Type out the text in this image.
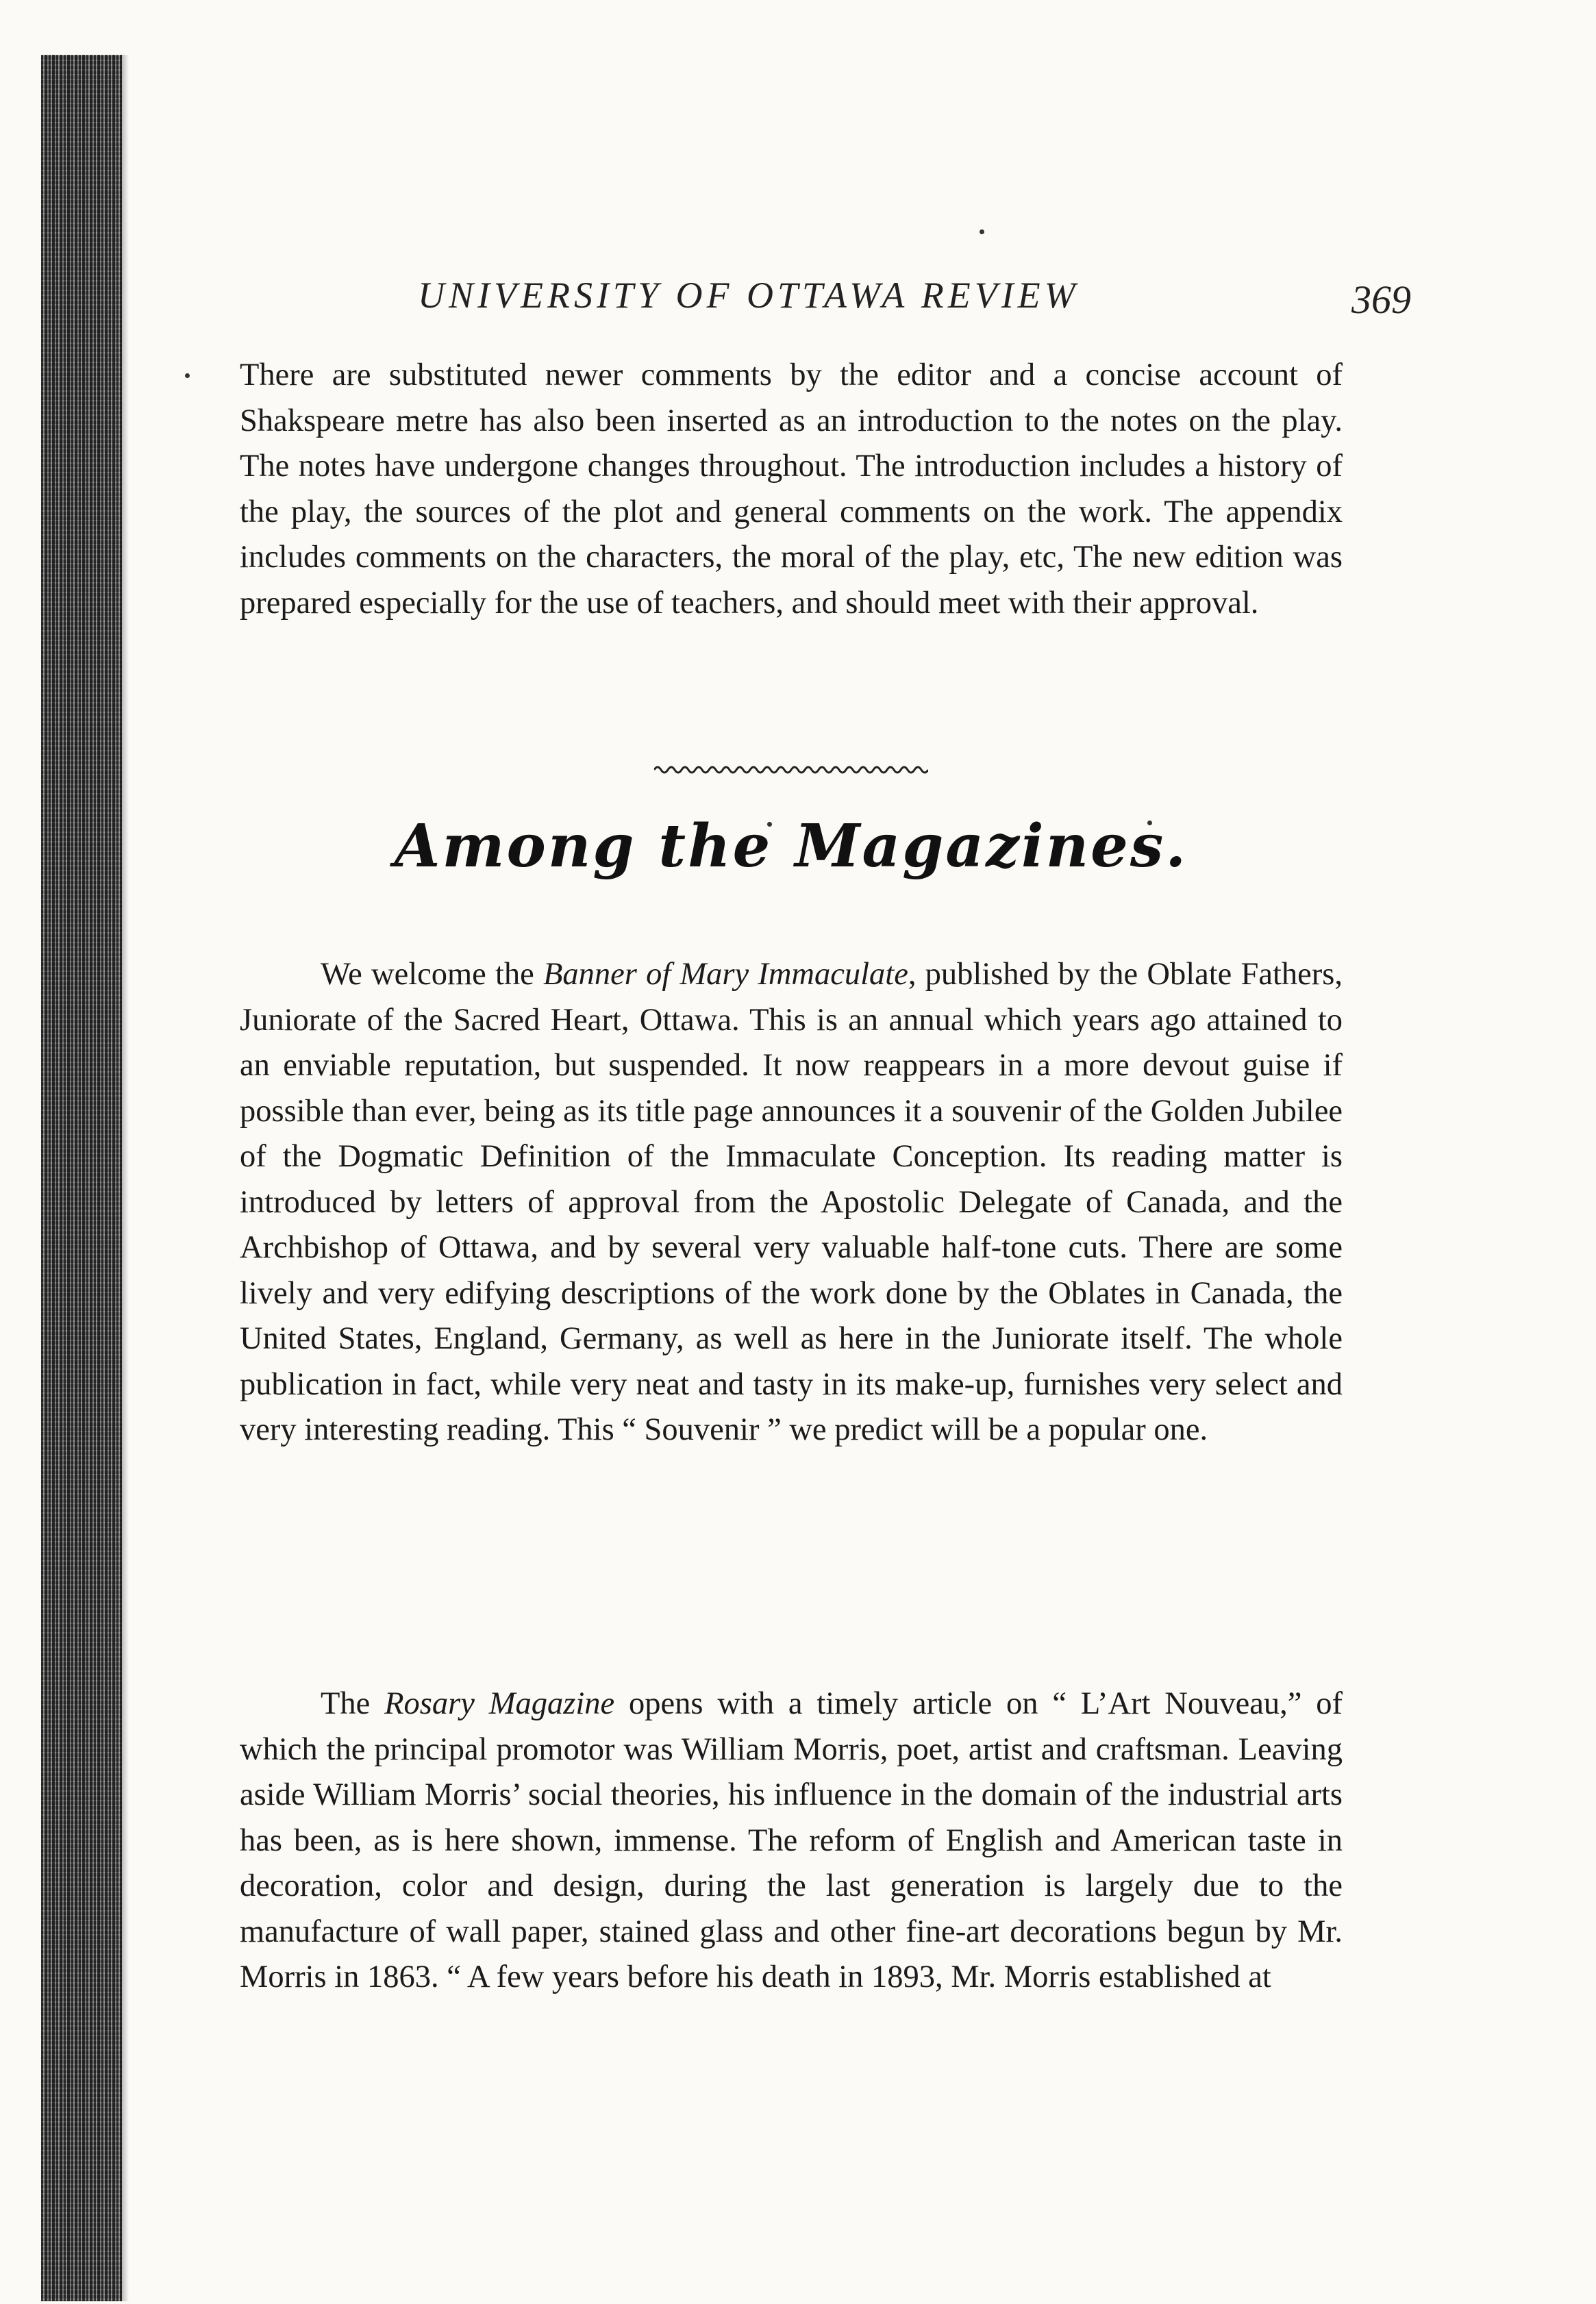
UNIVERSITY OF OTTAWA REVIEW	369

There are substituted newer comments by the editor and a concise account of Shakspeare metre has also been inserted as an introduction to the notes on the play. The notes have undergone changes throughout. The introduction includes a history of the play, the sources of the plot and general comments on the work. The appendix includes comments on the characters, the moral of the play, etc, The new edition was prepared especially for the use of teachers, and should meet with their approval.

Among the Magazines.

We welcome the Banner of Mary Immaculate, published by the Oblate Fathers, Juniorate of the Sacred Heart, Ottawa. This is an annual which years ago attained to an enviable reputation, but suspended. It now reappears in a more devout guise if possible than ever, being as its title page announces it a souvenir of the Golden Jubilee of the Dogmatic Definition of the Immaculate Conception. Its reading matter is introduced by letters of approval from the Apostolic Delegate of Canada, and the Archbishop of Ottawa, and by several very valuable half-tone cuts. There are some lively and very edifying descriptions of the work done by the Oblates in Canada, the United States, England, Germany, as well as here in the Juniorate itself. The whole publication in fact, while very neat and tasty in its make-up, furnishes very select and very interesting reading. This “ Souvenir ” we predict will be a popular one.

The Rosary Magazine opens with a timely article on “ L’Art Nouveau,” of which the principal promotor was William Morris, poet, artist and craftsman. Leaving aside William Morris’ social theories, his influence in the domain of the industrial arts has been, as is here shown, immense. The reform of English and American taste in decoration, color and design, during the last generation is largely due to the manufacture of wall paper, stained glass and other fine-art decorations begun by Mr. Morris in 1863. “ A few years before his death in 1893, Mr. Morris established at
